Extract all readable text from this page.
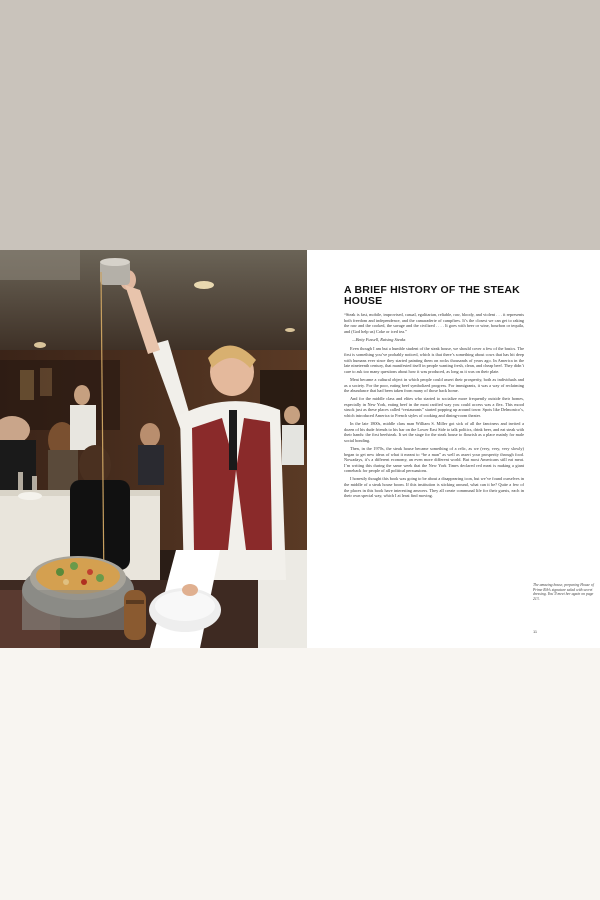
A BRIEF HISTORY OF THE STEAK HOUSE

“Steak is fast, mobile, improvised, casual, egalitarian, reliable, raw, bloody, and violent . . . it represents both freedom and independence, and the camaraderie of campfires. It’s the closest we can get to raking the raw and the cooked, the savage and the civilized . . . . It goes with beer or wine, bourbon or tequila, and (God help us) Coke or iced tea.”

—Betty Fussell, Raising Steaks

Even though I am but a humble student of the steak house, we should cover a few of the basics. The first is something you’ve probably noticed, which is that there’s something about cows that has hit deep with humans ever since they started painting them on rocks thousands of years ago. In America in the late nineteenth century, that manifested itself in people wanting fresh, clean, and cheap beef. They didn’t care to ask too many questions about how it was produced, as long as it was on their plate.

Meat became a cultural object in which people could assert their prosperity, both as individuals and as a society. For the poor, eating beef symbolized progress. For immigrants, it was a way of reclaiming the abundance that had been taken from many of those back home.

And for the middle class and elites who started to socialize more frequently outside their homes, especially in New York, eating beef in the most rarified way you could access was a flex. This mood struck just as these places called “restaurants” started popping up around town: Spots like Delmonico’s, which introduced America to French styles of cooking and dining-room theater.

In the late 1800s, middle class man William S. Miller got sick of all the fanciness and invited a dozen of his dude friends to his bar on the Lower East Side to talk politics, drink beer, and eat steak with their hands: the first beefsteak. It set the stage for the steak house to flourish as a place mainly for male social bonding.

Then, in the 1970s, the steak house became something of a relic, as we (very, very, very slowly) began to get new ideas of what it meant to “be a man” as well as assert your prosperity through food. Nowadays, it’s a different economy, an even more different world. But most Americans still eat meat. I’m writing this during the same week that the New York Times declared red meat is making a giant comeback for people of all political persuasions.

I honestly thought this book was going to be about a disappearing icon, but we’ve found ourselves in the middle of a steak house boom. If this institution is sticking around, what can it be? Quite a few of the places in this book have interesting answers. They all create communal life for their guests, each in their own special way, which I at least find moving.

The amazing house, preparing House of Prime Rib’s signature salad with secret dressing. You’ll meet her again on page 213.
11
